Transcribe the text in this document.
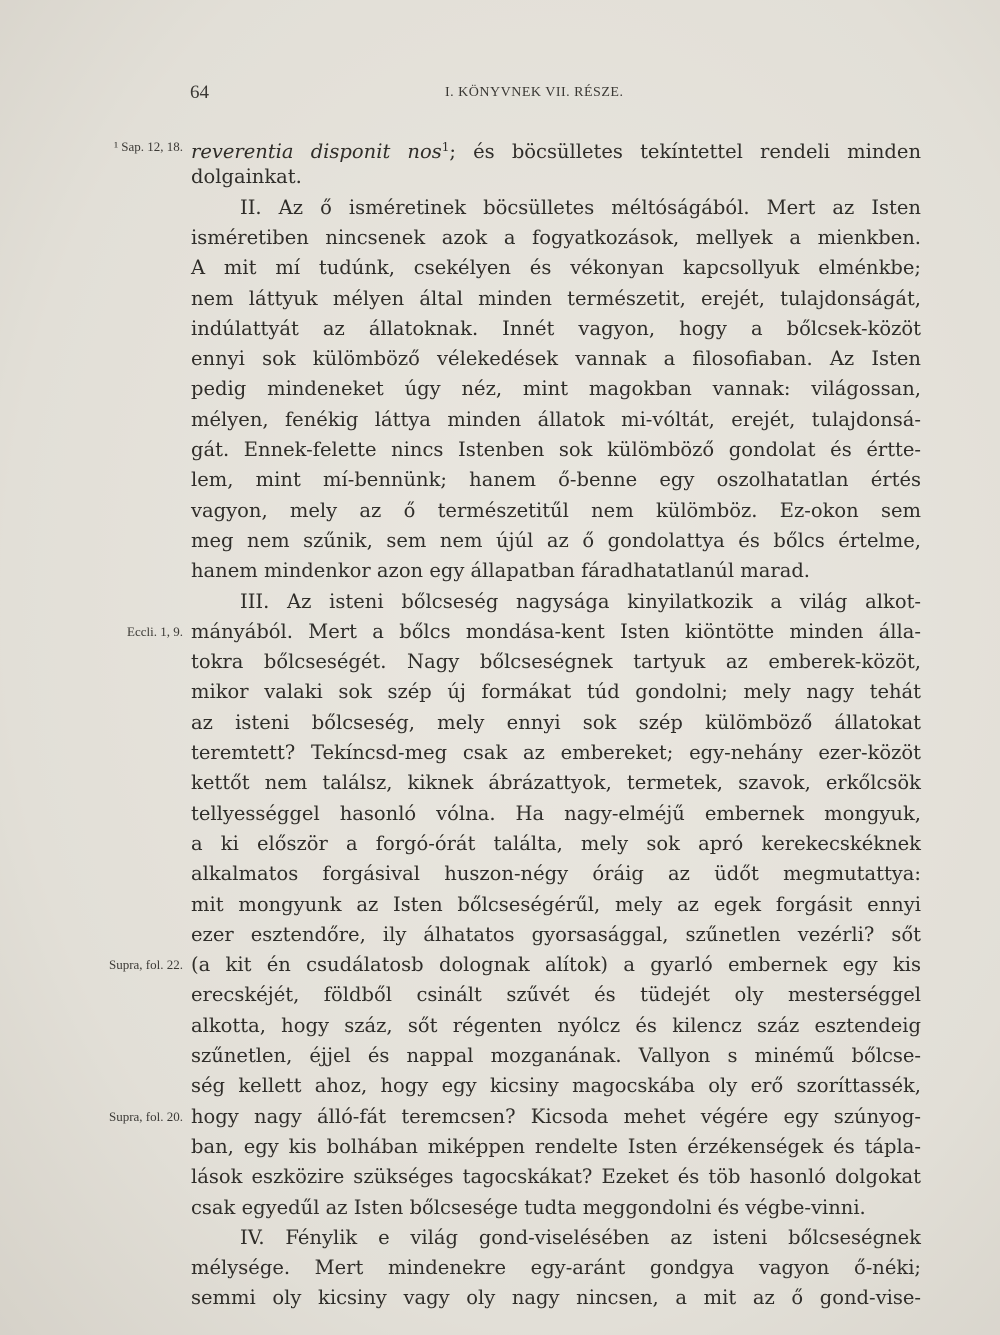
64	I. KÖNYVNEK VII. RÉSZE.
reverentia disponit nos$^1$; és böcsülletes tekíntettel rendeli minden
dolgainkat.
II. Az ő isméretinek böcsülletes méltóságából. Mert az Isten
isméretiben nincsenek azok a fogyatkozások, mellyek a mienkben.
A mit mí tudúnk, csekélyen és vékonyan kapcsollyuk elménkbe;
nem láttyuk mélyen által minden természetit, erejét, tulajdonságát,
indúlattyát az állatoknak. Innét vagyon, hogy a bőlcsek-közöt
ennyi sok külömböző vélekedések vannak a filosofiaban. Az Isten
pedig mindeneket úgy néz, mint magokban vannak: világossan,
mélyen, fenékig láttya minden állatok mi-vóltát, erejét, tulajdonsá-
gát. Ennek-felette nincs Istenben sok külömböző gondolat és értte-
lem, mint mí-bennünk; hanem ő-benne egy oszolhatatlan értés
vagyon, mely az ő természetitűl nem külömböz. Ez-okon sem
meg nem szűnik, sem nem újúl az ő gondolattya és bőlcs értelme,
hanem mindenkor azon egy állapatban fáradhatatlanúl marad.
III. Az isteni bőlcseség nagysága kinyilatkozik a világ alkot-
mányából. Mert a bőlcs mondása-kent Isten kiöntötte minden álla-
tokra bőlcseségét. Nagy bőlcseségnek tartyuk az emberek-közöt,
mikor valaki sok szép új formákat túd gondolni; mely nagy tehát
az isteni bőlcseség, mely ennyi sok szép külömböző állatokat
teremtett? Tekíncsd-meg csak az embereket; egy-nehány ezer-közöt
kettőt nem találsz, kiknek ábrázattyok, termetek, szavok, erkőlcsök
tellyességgel hasonló vólna. Ha nagy-elméjű embernek mongyuk,
a ki először a forgó-órát találta, mely sok apró kerekecskéknek
alkalmatos forgásival huszon-négy óráig az üdőt megmutattya:
mit mongyunk az Isten bőlcseségérűl, mely az egek forgásit ennyi
ezer esztendőre, ily álhatatos gyorsasággal, szűnetlen vezérli? sőt
(a kit én csudálatosb dolognak alítok) a gyarló embernek egy kis
erecskéjét, földből csinált szűvét és tüdejét oly mesterséggel
alkotta, hogy száz, sőt régenten nyólcz és kilencz száz esztendeig
szűnetlen, éjjel és nappal mozganának. Vallyon s minémű bőlcse-
ség kellett ahoz, hogy egy kicsiny magocskába oly erő szoríttassék,
hogy nagy álló-fát teremcsen? Kicsoda mehet végére egy szúnyog-
ban, egy kis bolhában miképpen rendelte Isten érzékenségek és tápla-
lások eszközire szükséges tagocskákat? Ezeket és töb hasonló dolgokat
csak egyedűl az Isten bőlcsesége tudta meggondolni és végbe-vinni.
IV. Fénylik e világ gond-viselésében az isteni bőlcseségnek
mélysége. Mert mindenekre egy-aránt gondgya vagyon ő-néki;
semmi oly kicsiny vagy oly nagy nincsen, a mit az ő gond-vise-
¹ Sap. 12, 18.
Eccli. 1, 9.
Supra, fol. 22.
Supra, fol. 20.
